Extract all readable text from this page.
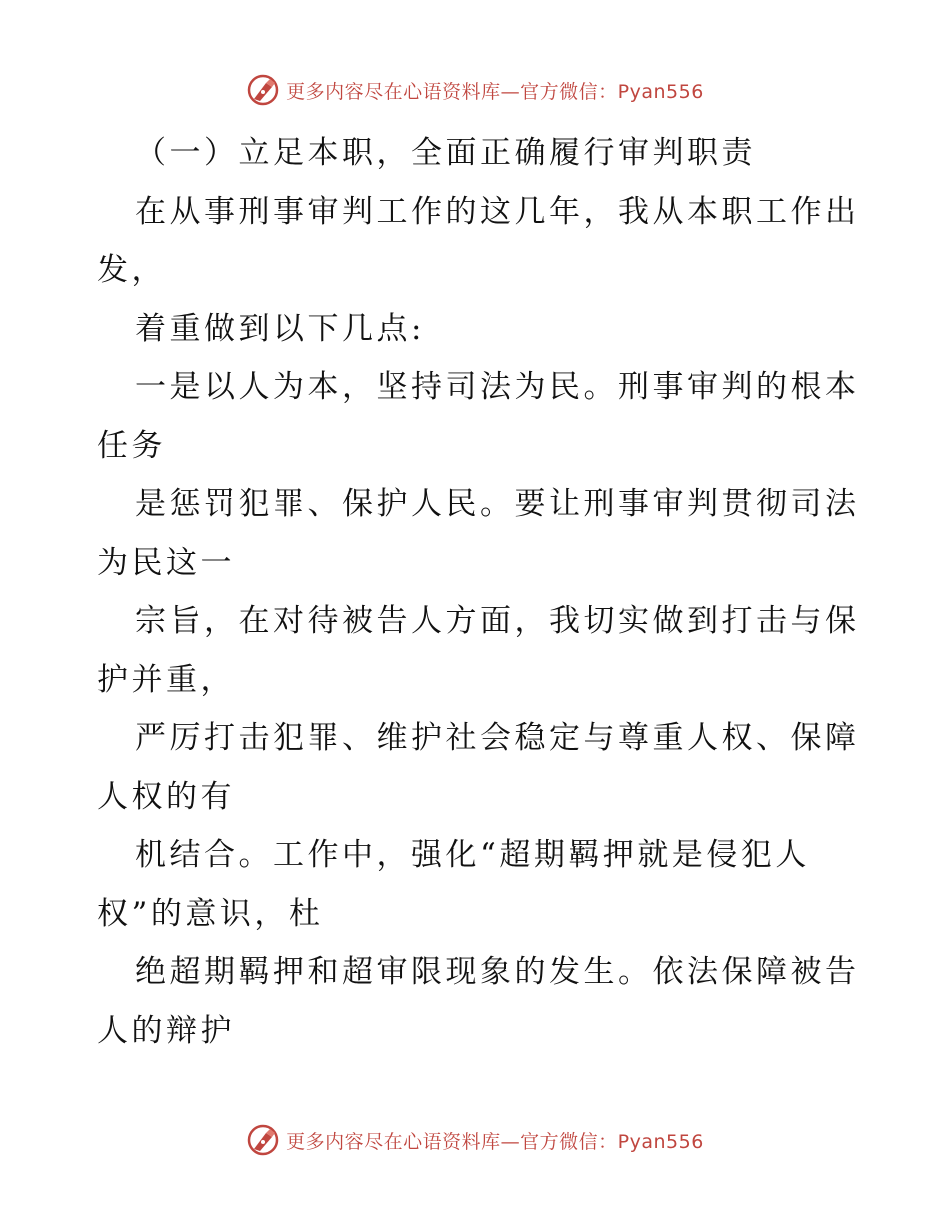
更多内容尽在心语资料库—官方微信：Pyan556
（一）立足本职，全面正确履行审判职责
在从事刑事审判工作的这几年，我从本职工作出
发，
着重做到以下几点:
一是以人为本，坚持司法为民。刑事审判的根本
任务
是惩罚犯罪、保护人民。要让刑事审判贯彻司法
为民这一
宗旨，在对待被告人方面，我切实做到打击与保
护并重，
严厉打击犯罪、维护社会稳定与尊重人权、保障
人权的有
机结合。工作中，强化“超期羁押就是侵犯人
权”的意识，杜
绝超期羁押和超审限现象的发生。依法保障被告
人的辩护
更多内容尽在心语资料库—官方微信：Pyan556
